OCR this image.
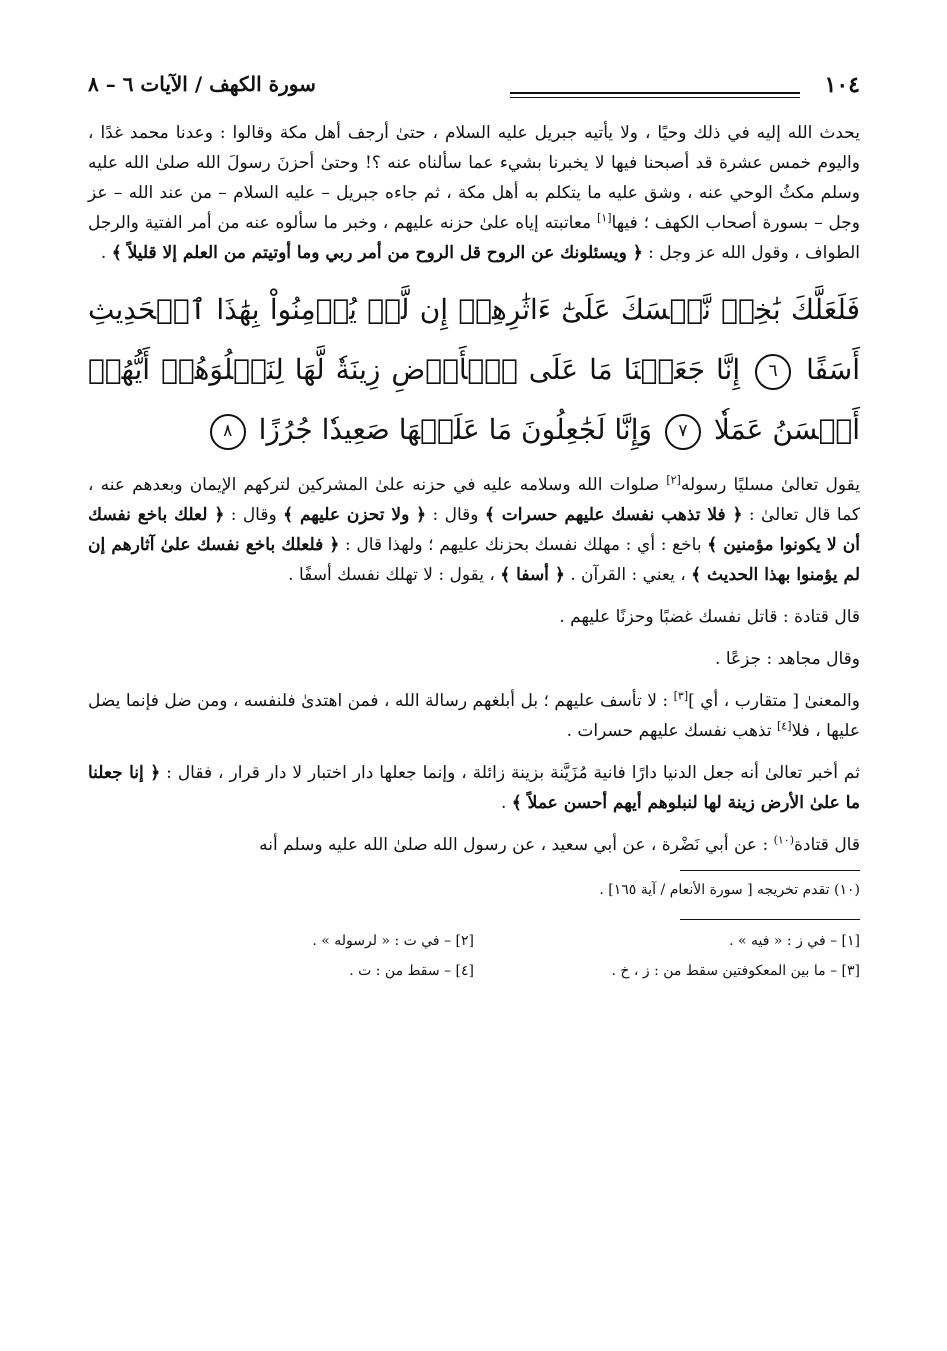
١٠٤
سورة الكهف / الآيات ٦ – ٨

يحدث الله إليه في ذلك وحيًا ، ولا يأتيه جبريل عليه السلام ، حتىٰ أرجف أهل مكة وقالوا : وعدنا محمد غدًا ، واليوم خمس عشرة قد أصبحنا فيها لا يخبرنا بشيء عما سألناه عنه ؟! وحتىٰ أحزنَ رسولَ الله صلىٰ الله عليه وسلم مكثُ الوحي عنه ، وشق عليه ما يتكلم به أهل مكة ، ثم جاءه جبريل – عليه السلام – من عند الله – عز وجل – بسورة أصحاب الكهف ؛ فيها[١] معاتبته إياه علىٰ حزنه عليهم ، وخبر ما سألوه عنه من أمر الفتية والرجل الطواف ، وقول الله عز وجل : ﴿ ويسئلونك عن الروح قل الروح من أمر ربي وما أوتيتم من العلم إلا قليلاً ﴾ .

فَلَعَلَّكَ بَٰخِعٞ نَّفۡسَكَ عَلَىٰٓ ءَاثَٰرِهِمۡ إِن لَّمۡ يُؤۡمِنُواْ بِهَٰذَا ٱلۡحَدِيثِ أَسَفًا ٦ إِنَّا جَعَلۡنَا مَا عَلَى ٱلۡأَرۡضِ زِينَةٗ لَّهَا لِنَبۡلُوَهُمۡ أَيُّهُمۡ أَحۡسَنُ عَمَلٗا ٧ وَإِنَّا لَجَٰعِلُونَ مَا عَلَيۡهَا صَعِيدٗا جُرُزًا ٨

يقول تعالىٰ مسليًا رسوله[٢] صلوات الله وسلامه عليه في حزنه علىٰ المشركين لتركهم الإيمان وبعدهم عنه ، كما قال تعالىٰ : ﴿ فلا تذهب نفسك عليهم حسرات ﴾ وقال : ﴿ ولا تحزن عليهم ﴾ وقال : ﴿ لعلك باخع نفسك أن لا يكونوا مؤمنين ﴾ باخع : أي : مهلك نفسك بحزنك عليهم ؛ ولهذا قال : ﴿ فلعلك باخع نفسك علىٰ آثارهم إن لم يؤمنوا بهذا الحديث ﴾ ، يعني : القرآن . ﴿ أسفا ﴾ ، يقول : لا تهلك نفسك أسفًا .

قال قتادة : قاتل نفسك غضبًا وحزنًا عليهم .

وقال مجاهد : جزعًا .

والمعنىٰ [ متقارب ، أي ][٣] : لا تأسف عليهم ؛ بل أبلغهم رسالة الله ، فمن اهتدىٰ فلنفسه ، ومن ضل فإنما يضل عليها ، فلا[٤] تذهب نفسك عليهم حسرات .

ثم أخبر تعالىٰ أنه جعل الدنيا دارًا فانية مُزَيَّنة بزينة زائلة ، وإنما جعلها دار اختبار لا دار قرار ، فقال : ﴿ إنا جعلنا ما علىٰ الأرض زينة لها لنبلوهم أيهم أحسن عملاً ﴾ .

قال قتادة$^{(١٠)}$ : عن أبي نَضْرة ، عن أبي سعيد ، عن رسول الله صلىٰ الله عليه وسلم أنه

(١٠) تقدم تخريجه [ سورة الأنعام / آية ١٦٥] .
[١] – في ز : « فيه » .
[٢] – في ت : « لرسوله » .
[٣] – ما بين المعكوفتين سقط من : ز ، خ .
[٤] – سقط من : ت .
